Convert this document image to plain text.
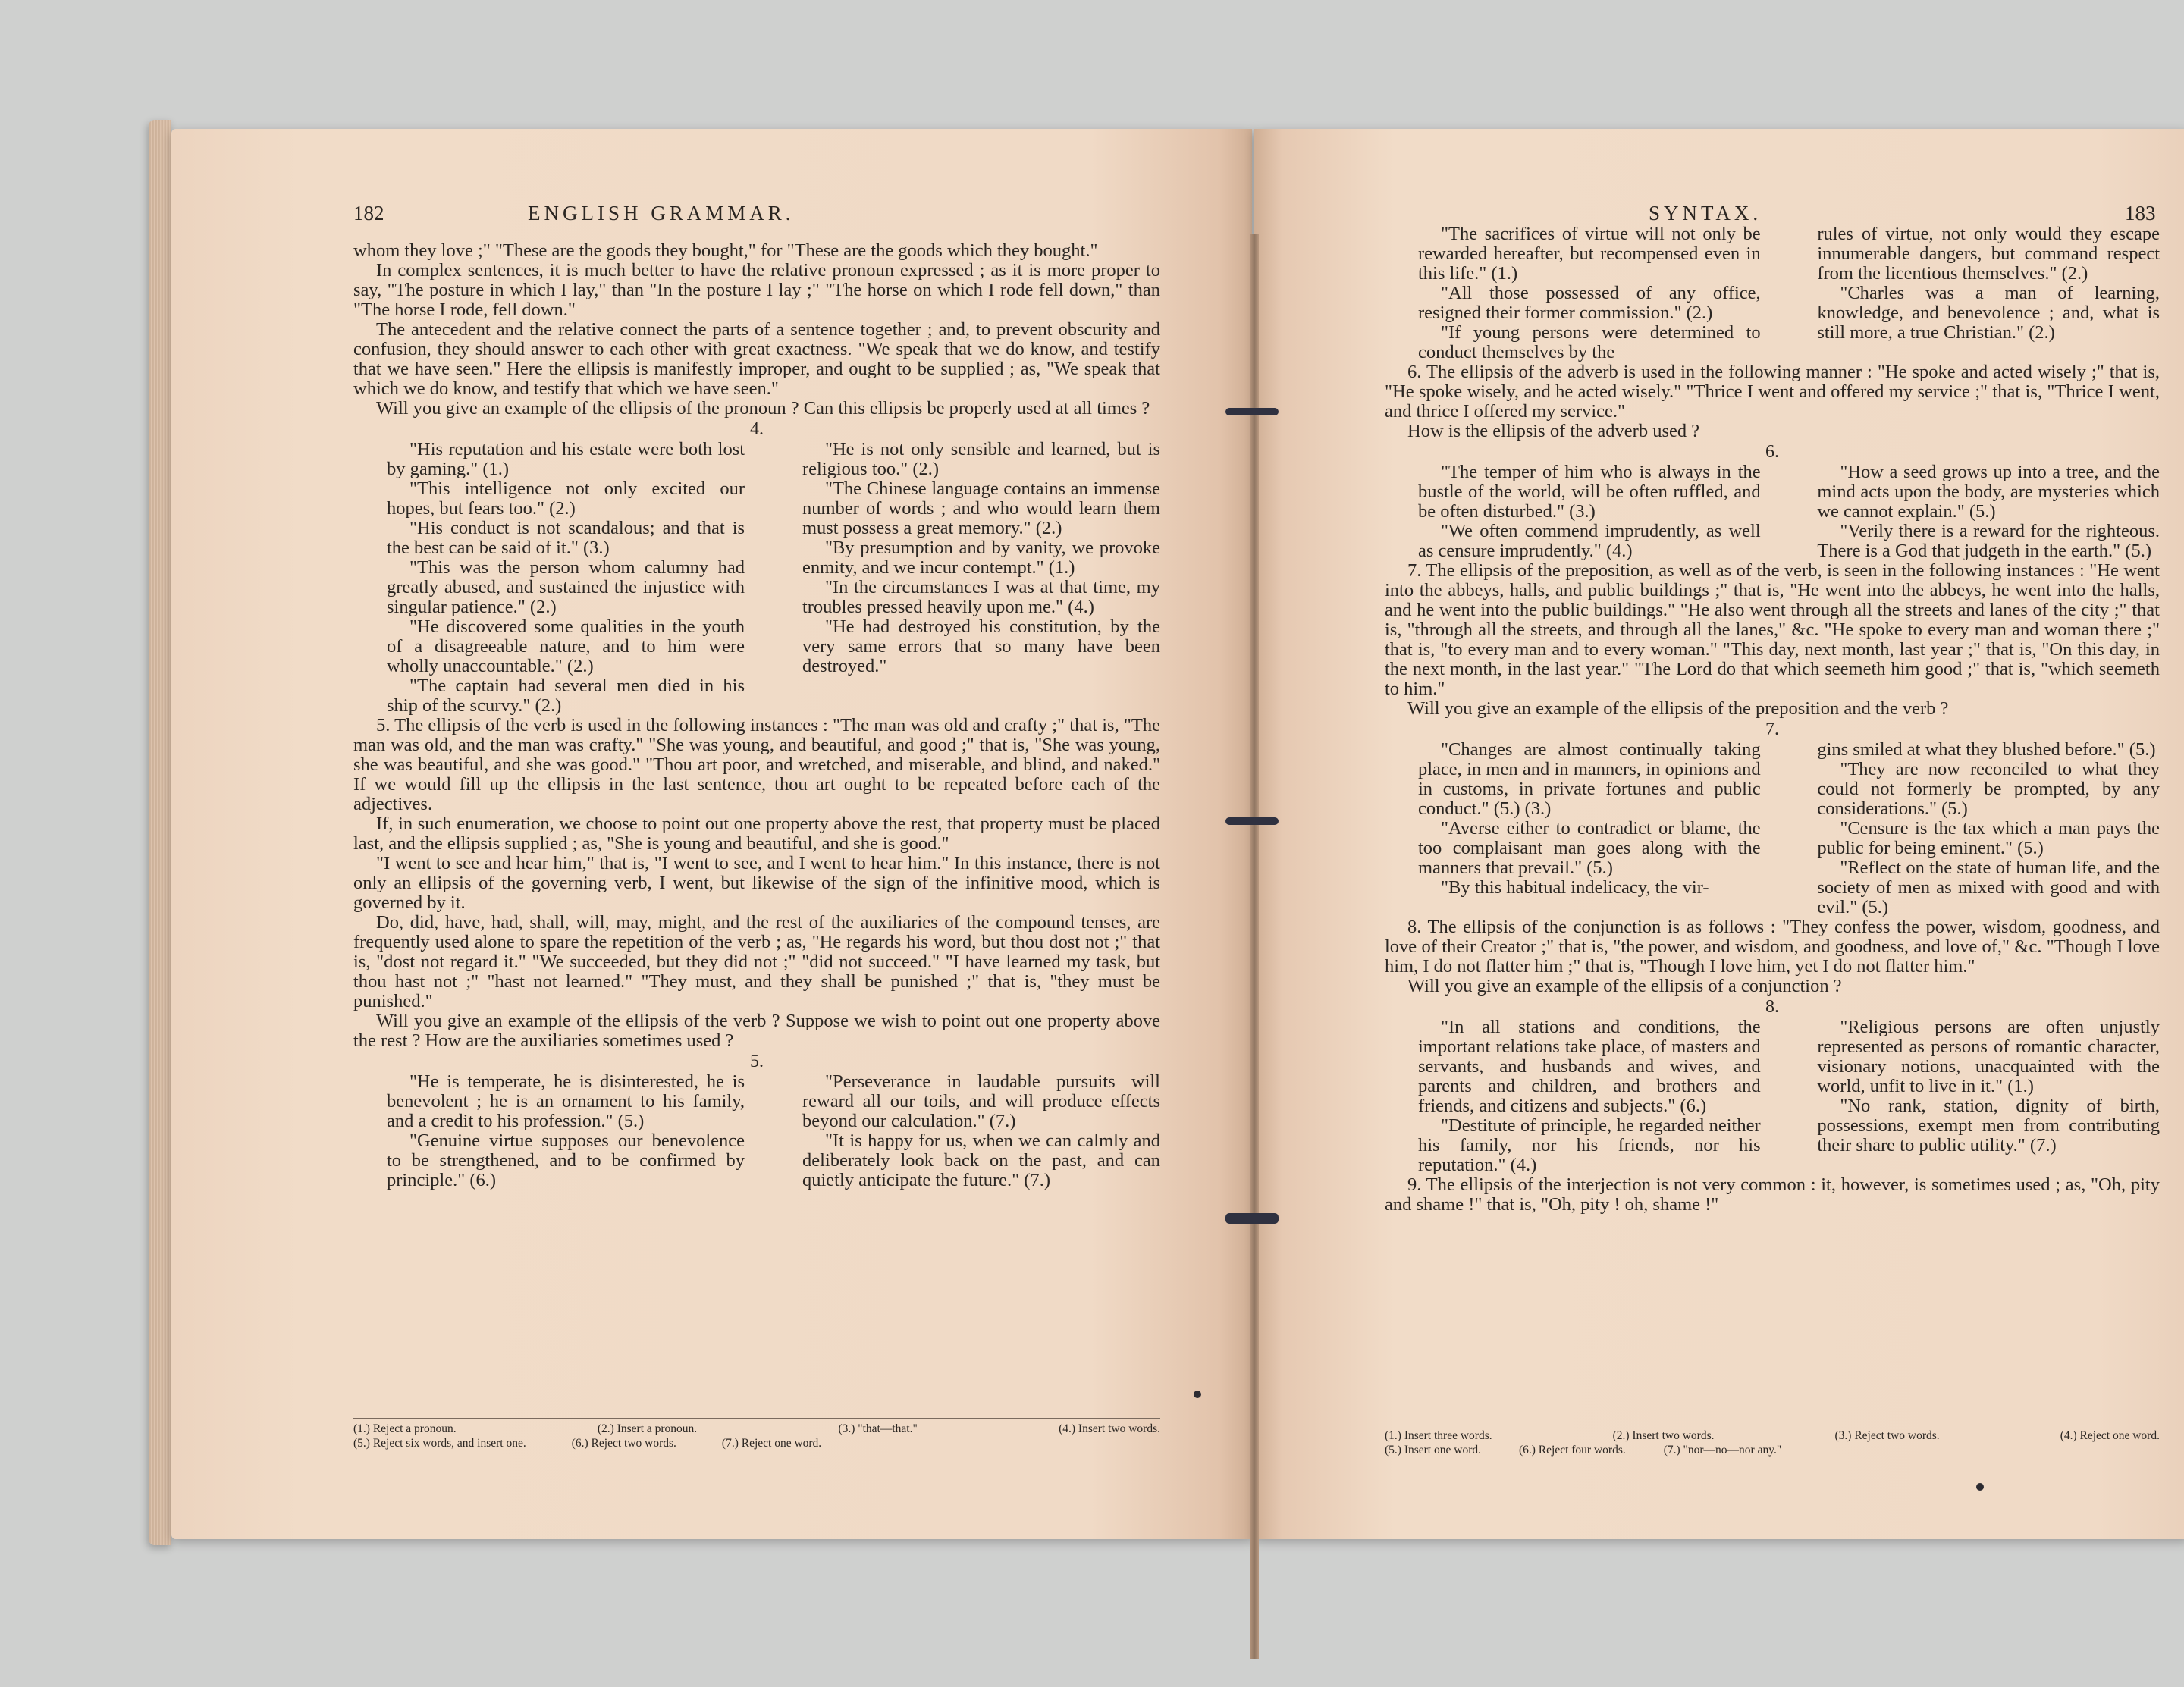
182	ENGLISH GRAMMAR.

whom they love ;" "These are the goods they bought," for "These are the goods which they bought."

In complex sentences, it is much better to have the relative pronoun expressed ; as it is more proper to say, "The posture in which I lay," than "In the posture I lay ;" "The horse on which I rode fell down," than "The horse I rode, fell down."

The antecedent and the relative connect the parts of a sentence together ; and, to prevent obscurity and confusion, they should answer to each other with great exactness. "We speak that we do know, and testify that we have seen." Here the ellipsis is manifestly improper, and ought to be supplied ; as, "We speak that which we do know, and testify that which we have seen."

Will you give an example of the ellipsis of the pronoun ? Can this ellipsis be properly used at all times ?

4.

"His reputation and his estate were both lost by gaming." (1.)

"This intelligence not only excited our hopes, but fears too." (2.)

"His conduct is not scandalous; and that is the best can be said of it." (3.)

"This was the person whom calumny had greatly abused, and sustained the injustice with singular patience." (2.)

"He discovered some qualities in the youth of a disagreeable nature, and to him were wholly unaccountable." (2.)

"The captain had several men died in his ship of the scurvy." (2.)

"He is not only sensible and learned, but is religious too." (2.)

"The Chinese language contains an immense number of words ; and who would learn them must possess a great memory." (2.)

"By presumption and by vanity, we provoke enmity, and we incur contempt." (1.)

"In the circumstances I was at that time, my troubles pressed heavily upon me." (4.)

"He had destroyed his constitution, by the very same errors that so many have been destroyed."

5. The ellipsis of the verb is used in the following instances : "The man was old and crafty ;" that is, "The man was old, and the man was crafty." "She was young, and beautiful, and good ;" that is, "She was young, she was beautiful, and she was good." "Thou art poor, and wretched, and miserable, and blind, and naked." If we would fill up the ellipsis in the last sentence, thou art ought to be repeated before each of the adjectives.

If, in such enumeration, we choose to point out one property above the rest, that property must be placed last, and the ellipsis supplied ; as, "She is young and beautiful, and she is good."

"I went to see and hear him," that is, "I went to see, and I went to hear him." In this instance, there is not only an ellipsis of the governing verb, I went, but likewise of the sign of the infinitive mood, which is governed by it.

Do, did, have, had, shall, will, may, might, and the rest of the auxiliaries of the compound tenses, are frequently used alone to spare the repetition of the verb ; as, "He regards his word, but thou dost not ;" that is, "dost not regard it." "We succeeded, but they did not ;" "did not succeed." "I have learned my task, but thou hast not ;" "hast not learned." "They must, and they shall be punished ;" that is, "they must be punished."

Will you give an example of the ellipsis of the verb ? Suppose we wish to point out one property above the rest ? How are the auxiliaries sometimes used ?

5.

"He is temperate, he is disinterested, he is benevolent ; he is an ornament to his family, and a credit to his profession." (5.)

"Genuine virtue supposes our benevolence to be strengthened, and to be confirmed by principle." (6.)

"Perseverance in laudable pursuits will reward all our toils, and will produce effects beyond our calculation." (7.)

"It is happy for us, when we can calmly and deliberately look back on the past, and can quietly anticipate the future." (7.)

(1.) Reject a pronoun.	(2.) Insert a pronoun.	(3.) "that—that."	(4.) Insert two words.
(5.) Reject six words, and insert one.	(6.) Reject two words.	(7.) Reject one word.
SYNTAX.	183

"The sacrifices of virtue will not only be rewarded hereafter, but recompensed even in this life." (1.)

"All those possessed of any office, resigned their former commission." (2.)

"If young persons were determined to conduct themselves by the

rules of virtue, not only would they escape innumerable dangers, but command respect from the licentious themselves." (2.)

"Charles was a man of learning, knowledge, and benevolence ; and, what is still more, a true Christian." (2.)

6. The ellipsis of the adverb is used in the following manner : "He spoke and acted wisely ;" that is, "He spoke wisely, and he acted wisely." "Thrice I went and offered my service ;" that is, "Thrice I went, and thrice I offered my service."

How is the ellipsis of the adverb used ?

6.

"The temper of him who is always in the bustle of the world, will be often ruffled, and be often disturbed." (3.)

"We often commend imprudently, as well as censure imprudently." (4.)

"How a seed grows up into a tree, and the mind acts upon the body, are mysteries which we cannot explain." (5.)

"Verily there is a reward for the righteous. There is a God that judgeth in the earth." (5.)

7. The ellipsis of the preposition, as well as of the verb, is seen in the following instances : "He went into the abbeys, halls, and public buildings ;" that is, "He went into the abbeys, he went into the halls, and he went into the public buildings." "He also went through all the streets and lanes of the city ;" that is, "through all the streets, and through all the lanes," &c. "He spoke to every man and woman there ;" that is, "to every man and to every woman." "This day, next month, last year ;" that is, "On this day, in the next month, in the last year." "The Lord do that which seemeth him good ;" that is, "which seemeth to him."

Will you give an example of the ellipsis of the preposition and the verb ?

7.

"Changes are almost continually taking place, in men and in manners, in opinions and in customs, in private fortunes and public conduct." (5.) (3.)

"Averse either to contradict or blame, the too complaisant man goes along with the manners that prevail." (5.)

"By this habitual indelicacy, the vir-

gins smiled at what they blushed before." (5.)

"They are now reconciled to what they could not formerly be prompted, by any considerations." (5.)

"Censure is the tax which a man pays the public for being eminent." (5.)

"Reflect on the state of human life, and the society of men as mixed with good and with evil." (5.)

8. The ellipsis of the conjunction is as follows : "They confess the power, wisdom, goodness, and love of their Creator ;" that is, "the power, and wisdom, and goodness, and love of," &c. "Though I love him, I do not flatter him ;" that is, "Though I love him, yet I do not flatter him."

Will you give an example of the ellipsis of a conjunction ?

8.

"In all stations and conditions, the important relations take place, of masters and servants, and husbands and wives, and parents and children, and brothers and friends, and citizens and subjects." (6.)

"Destitute of principle, he regarded neither his family, nor his friends, nor his reputation." (4.)

"Religious persons are often unjustly represented as persons of romantic character, visionary notions, unacquainted with the world, unfit to live in it." (1.)

"No rank, station, dignity of birth, possessions, exempt men from contributing their share to public utility." (7.)

9. The ellipsis of the interjection is not very common : it, however, is sometimes used ; as, "Oh, pity and shame !" that is, "Oh, pity ! oh, shame !"

(1.) Insert three words.	(2.) Insert two words.	(3.) Reject two words.	(4.) Reject one word.
(5.) Insert one word.	(6.) Reject four words.	(7.) "nor—no—nor any."
